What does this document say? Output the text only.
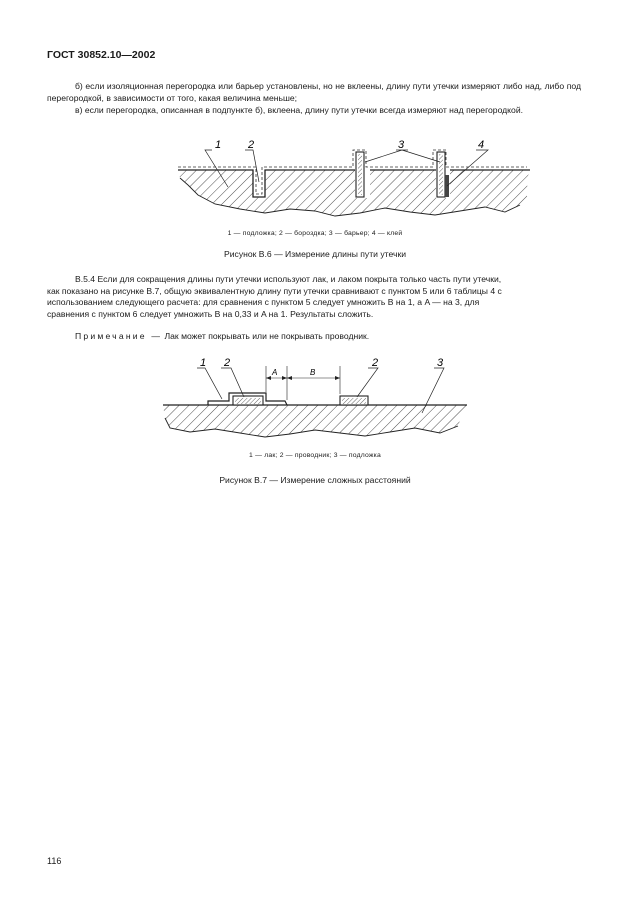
ГОСТ 30852.10—2002
б) если изоляционная перегородка или барьер установлены, но не вклеены, длину пути утечки измеряют либо над, либо под перегородкой, в зависимости от того, какая величина меньше;
в) если перегородка, описанная в подпункте б), вклеена, длину пути утечки всегда измеряют над перегородкой.
1 2	3	4
1 — подложка; 2 — бороздка; 3 — барьер; 4 — клей
Рисунок В.6 — Измерение длины пути утечки
В.5.4 Если для сокращения длины пути утечки используют лак, и лаком покрыта только часть пути утечки,
как показано на рисунке В.7, общую эквивалентную длину пути утечки сравнивают с пунктом 5 или 6 таблицы 4 с
использованием следующего расчета: для сравнения с пунктом 5 следует умножить B на 1, а A — на 3, для
сравнения с пунктом 6 следует умножить B на 0,33 и A на 1. Результаты сложить.
Примечание — Лак может покрывать или не покрывать проводник.
A	B
1 2	2	3
1 — лак; 2 — проводник; 3 — подложка
Рисунок В.7 — Измерение сложных расстояний
116
